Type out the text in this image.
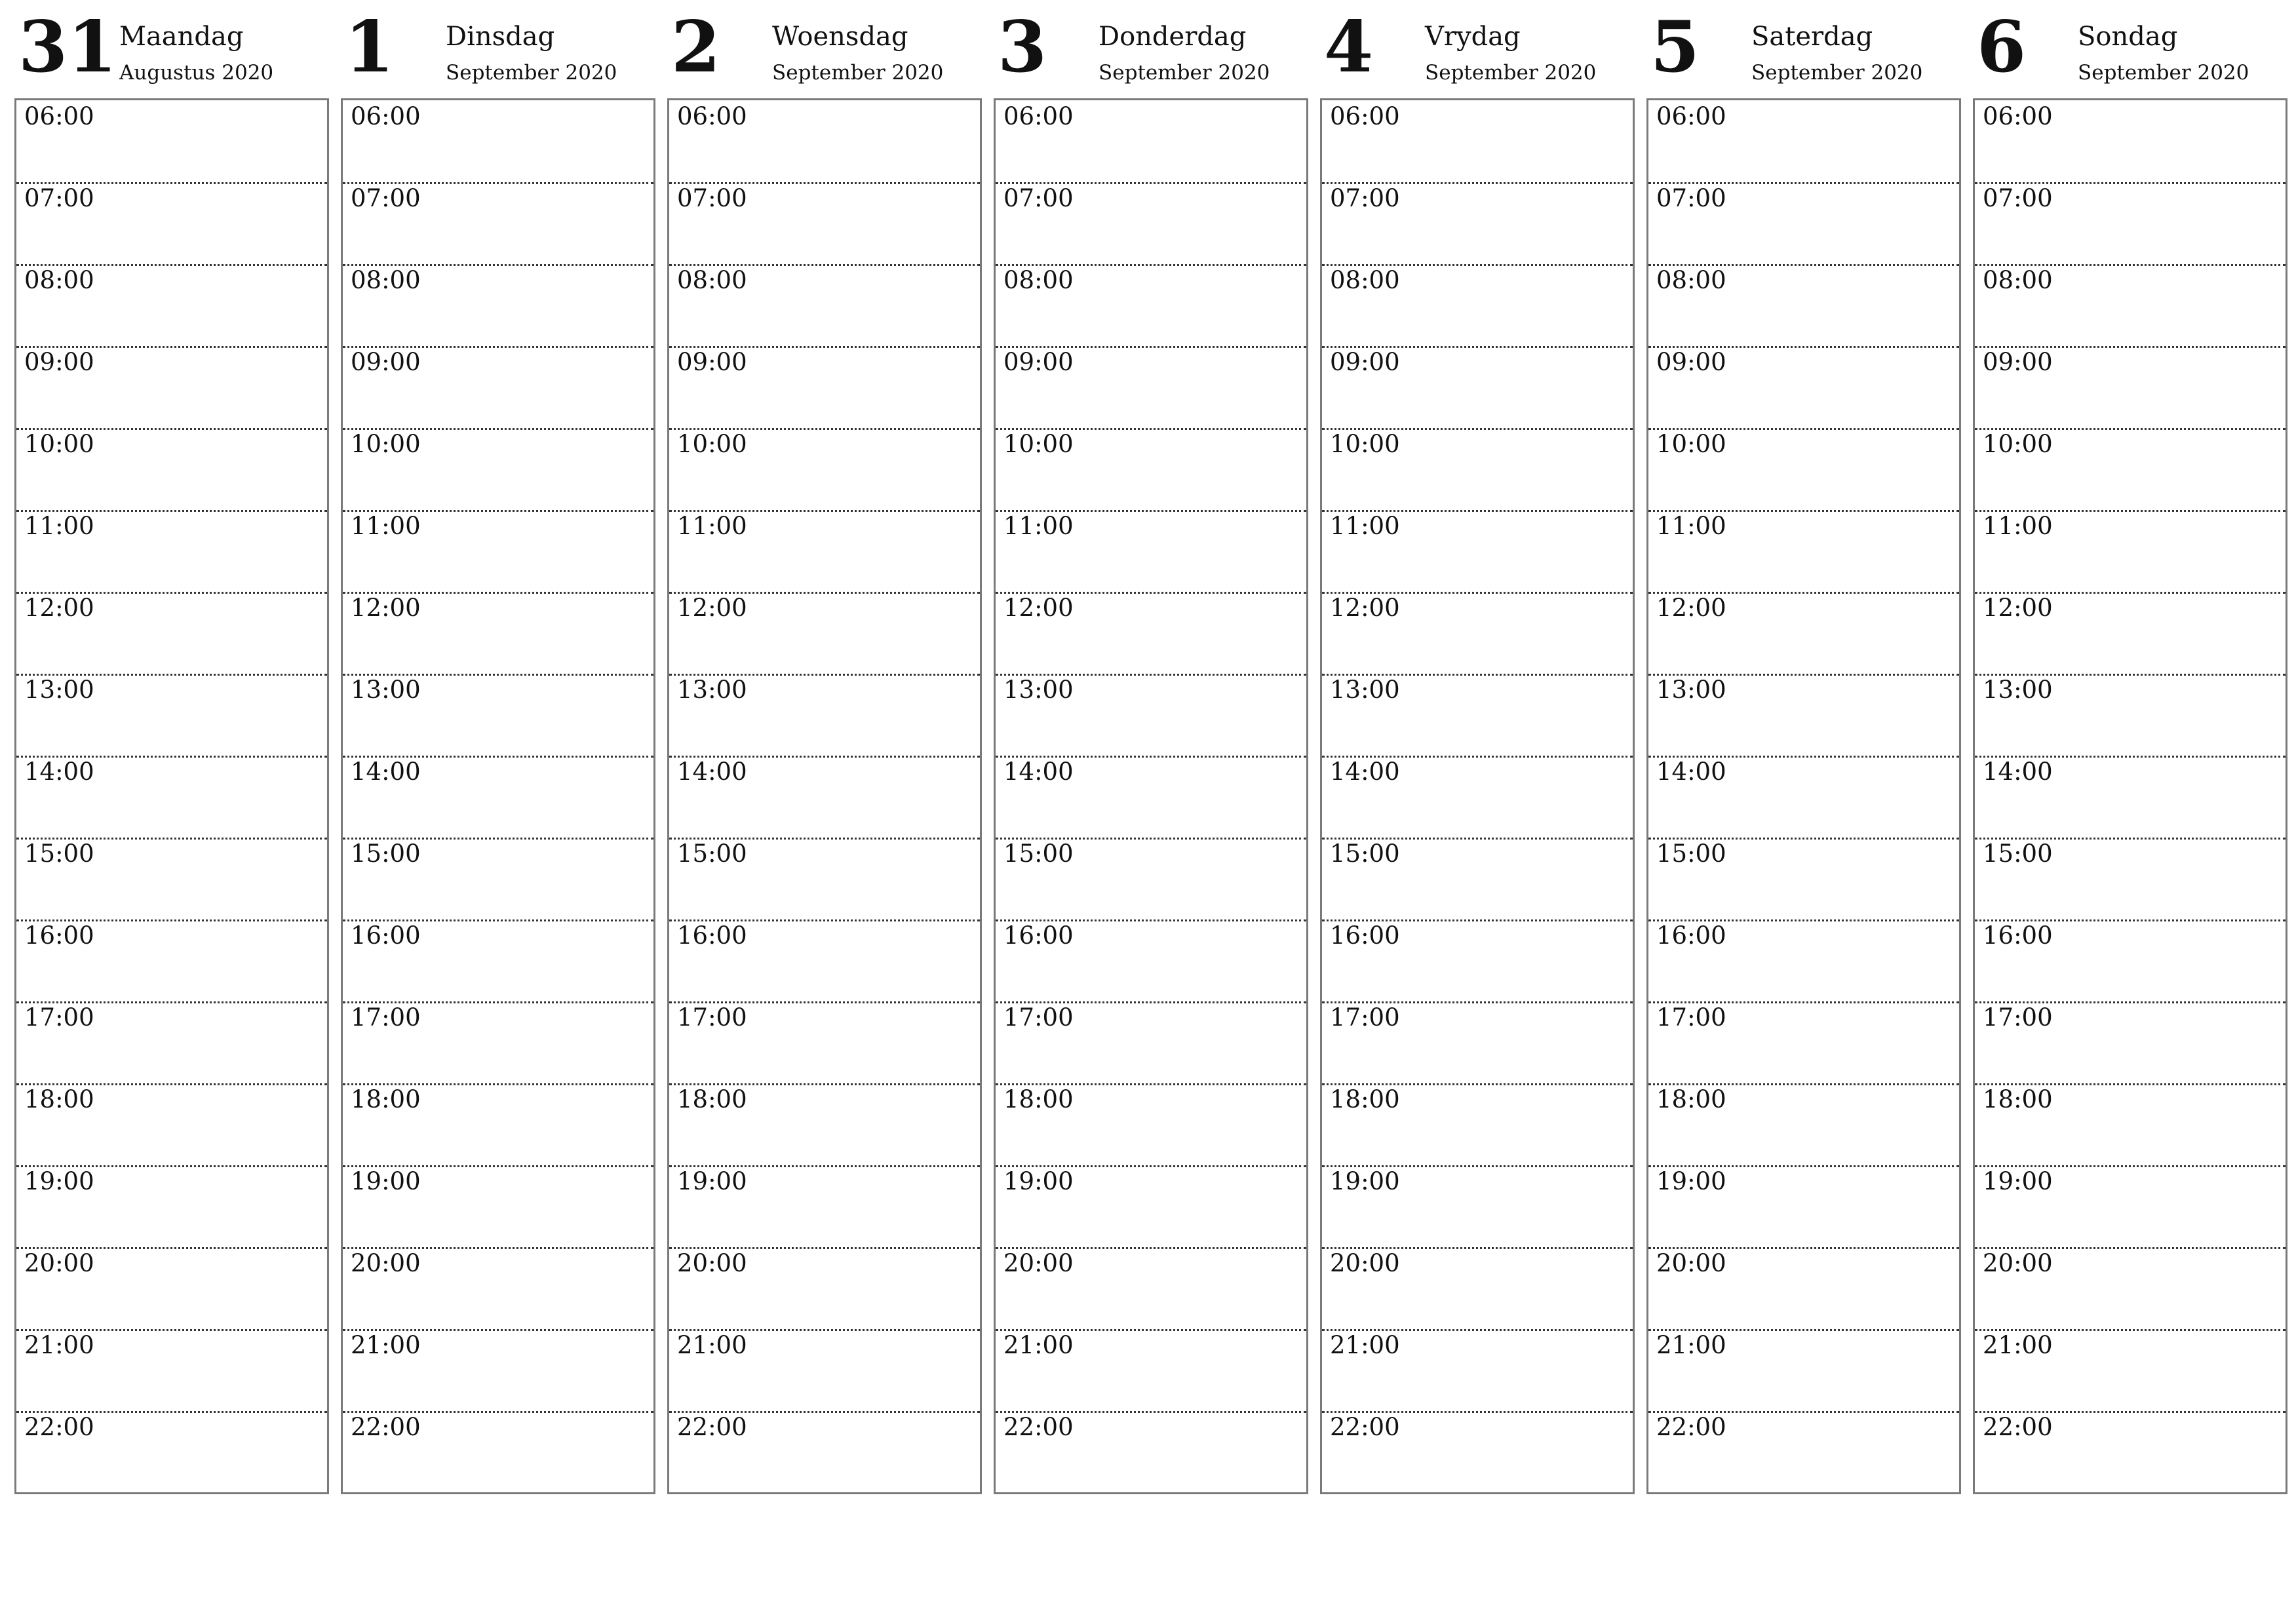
31 Maandag
Augustus 2020
06:00
07:00
08:00
09:00
10:00
11:00
12:00
13:00
14:00
15:00
16:00
17:00
18:00
19:00
20:00
21:00
22:00
1 Dinsdag
September 2020
06:00
07:00
08:00
09:00
10:00
11:00
12:00
13:00
14:00
15:00
16:00
17:00
18:00
19:00
20:00
21:00
22:00
2 Woensdag
September 2020
06:00
07:00
08:00
09:00
10:00
11:00
12:00
13:00
14:00
15:00
16:00
17:00
18:00
19:00
20:00
21:00
22:00
3 Donderdag
September 2020
06:00
07:00
08:00
09:00
10:00
11:00
12:00
13:00
14:00
15:00
16:00
17:00
18:00
19:00
20:00
21:00
22:00
4 Vrydag
September 2020
06:00
07:00
08:00
09:00
10:00
11:00
12:00
13:00
14:00
15:00
16:00
17:00
18:00
19:00
20:00
21:00
22:00
5 Saterdag
September 2020
06:00
07:00
08:00
09:00
10:00
11:00
12:00
13:00
14:00
15:00
16:00
17:00
18:00
19:00
20:00
21:00
22:00
6 Sondag
September 2020
06:00
07:00
08:00
09:00
10:00
11:00
12:00
13:00
14:00
15:00
16:00
17:00
18:00
19:00
20:00
21:00
22:00
